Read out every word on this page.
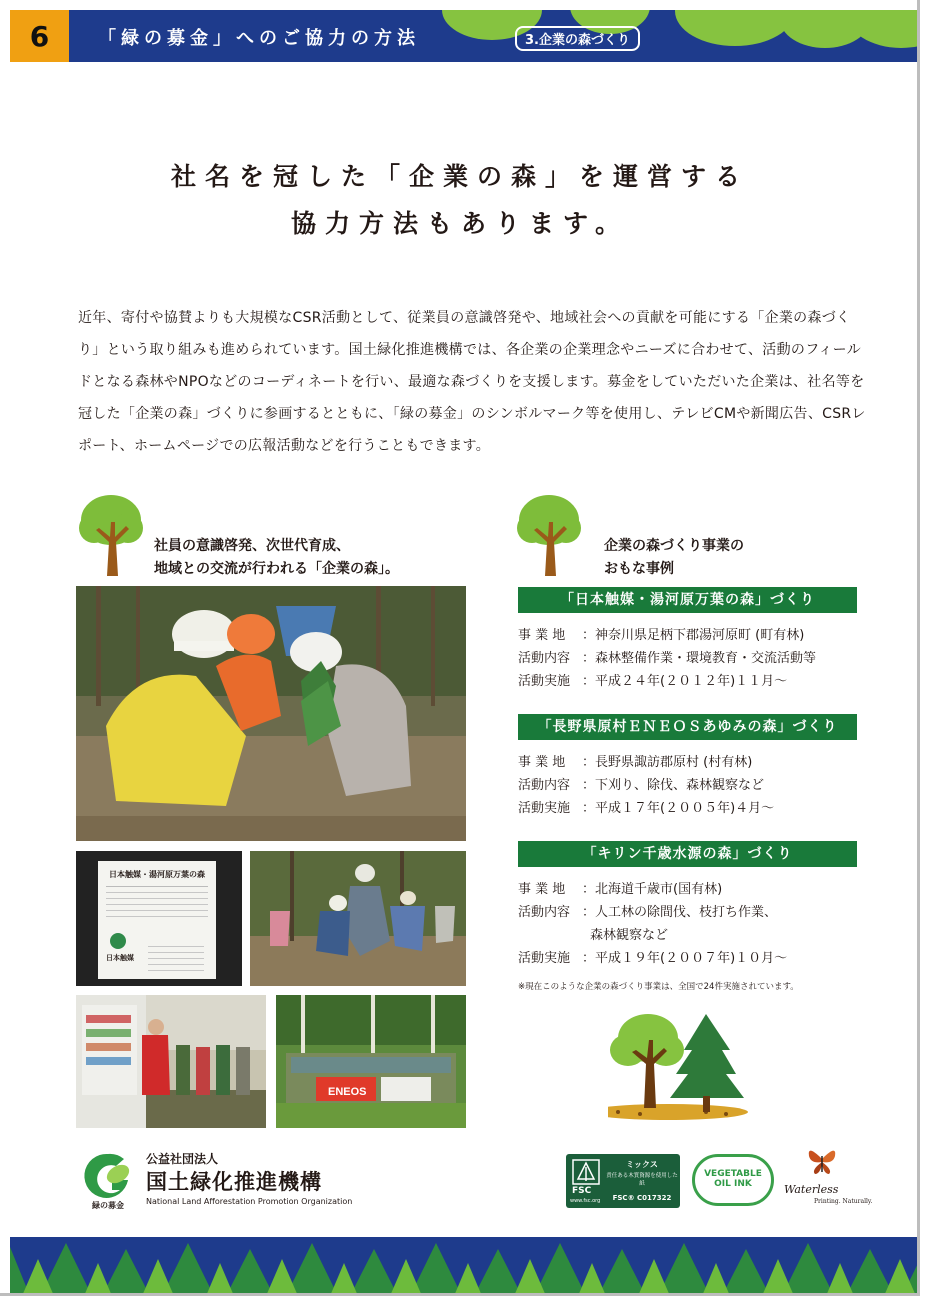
6	「緑の募金」へのご協力の方法	3.企業の森づくり
社名を冠した「企業の森」を運営する
協力方法もあります。
近年、寄付や協賛よりも大規模なCSR活動として、従業員の意識啓発や、地域社会への貢献を可能にする「企業の森づくり」という取り組みも進められています。国土緑化推進機構では、各企業の企業理念やニーズに合わせて、活動のフィールドとなる森林やNPOなどのコーディネートを行い、最適な森づくりを支援します。募金をしていただいた企業は、社名等を冠した「企業の森」づくりに参画するとともに、「緑の募金」のシンボルマーク等を使用し、テレビCMや新聞広告、CSRレポート、ホームページでの広報活動などを行うこともできます。
社員の意識啓発、次世代育成、
地域との交流が行われる「企業の森」。
日本触媒・湯河原万葉の森
日本触媒
ENEOS
企業の森づくり事業の
おもな事例
「日本触媒・湯河原万葉の森」づくり
事 業 地 ：神奈川県足柄下郡湯河原町 (町有林)
活動内容 ：森林整備作業・環境教育・交流活動等
活動実施 ：平成２４年(２０１２年)１１月〜
「長野県原村ＥＮＥＯＳあゆみの森」づくり
事 業 地 ：長野県諏訪郡原村 (村有林)
活動内容 ：下刈り、除伐、森林観察など
活動実施 ：平成１７年(２００５年)４月〜
「キリン千歳水源の森」づくり
事 業 地 ：北海道千歳市(国有林)
活動内容 ：人工林の除間伐、枝打ち作業、
森林観察など
活動実施 ：平成１９年(２００７年)１０月〜
※現在このような企業の森づくり事業は、全国で24件実施されています。
緑の募金
公益社団法人
国土緑化推進機構
National Land Afforestation Promotion Organization
FSC
www.fsc.org
ミックス
責任ある木質資源を使用した紙
FSC® C017322
VEGETABLE
OIL INK	Waterless
Printing. Naturally.
